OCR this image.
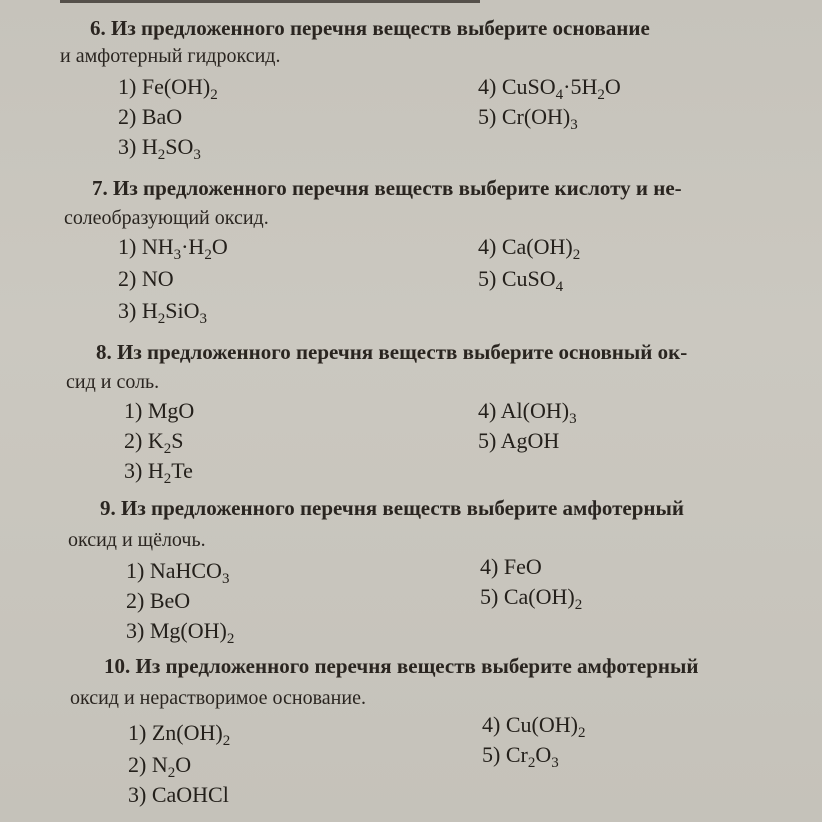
6. Из предложенного перечня веществ выберите основание
и амфотерный гидроксид.
1) $Fe(OH)_2$
2) BaO
3) $H_2SO_3$
4) $CuSO_4\cdot 5H_2O$
5) $Cr(OH)_3$
7. Из предложенного перечня веществ выберите кислоту и не-
солеобразующий оксид.
1) $NH_3\cdot H_2O$
2) NO
3) $H_2SiO_3$
4) $Ca(OH)_2$
5) CuSO$_4$
8. Из предложенного перечня веществ выберите основный ок-
сид и соль.
1) MgO
2) $K_2S$
3) $H_2Te$
4) $Al(OH)_3$
5) AgOH
9. Из предложенного перечня веществ выберите амфотерный
оксид и щёлочь.
1) NaHCO$_3$
2) BeO
3) $Mg(OH)_2$
4) FeO
5) $Ca(OH)_2$
10. Из предложенного перечня веществ выберите амфотерный
оксид и нерастворимое основание.
1) $Zn(OH)_2$
2) $N_2O$
3) CaOHCl
4) $Cu(OH)_2$
5) $Cr_2O_3$
